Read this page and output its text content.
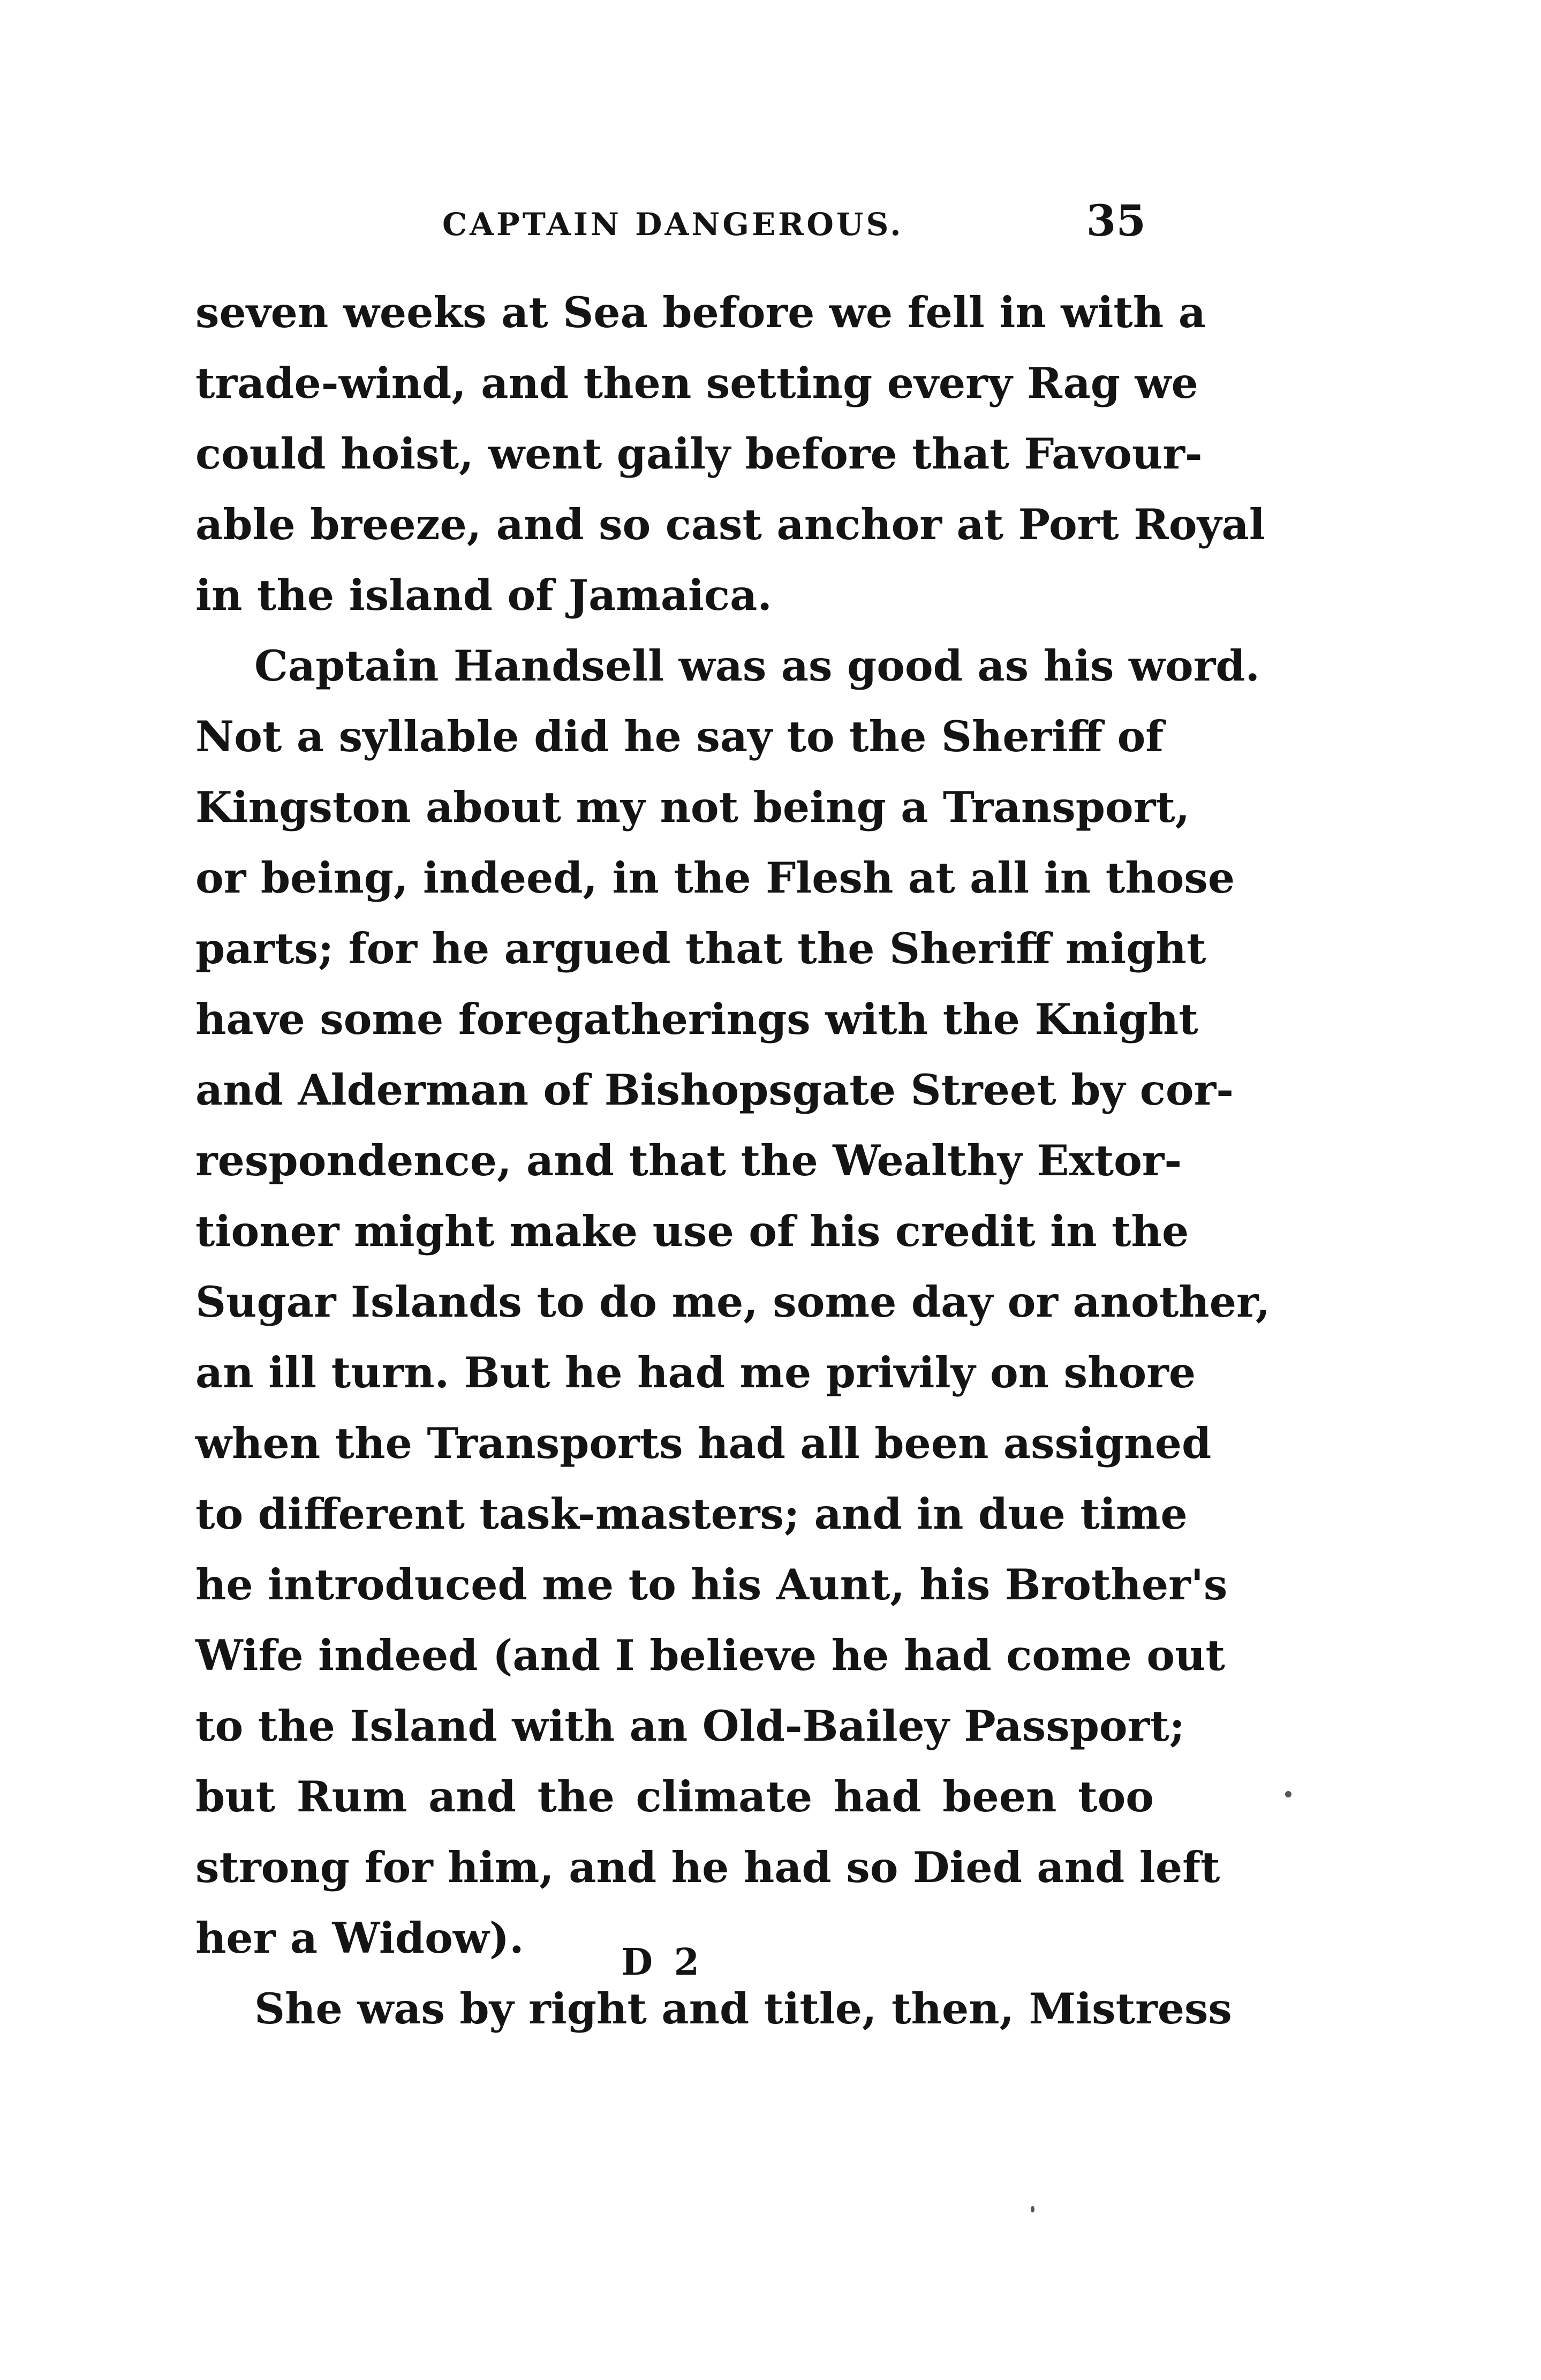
CAPTAIN DANGEROUS.	35
seven weeks at Sea before we fell in with a
trade-wind, and then setting every Rag we
could hoist, went gaily before that Favour-
able breeze, and so cast anchor at Port Royal
in the island of Jamaica.
Captain Handsell was as good as his word.
Not a syllable did he say to the Sheriff of
Kingston about my not being a Transport,
or being, indeed, in the Flesh at all in those
parts; for he argued that the Sheriff might
have some foregatherings with the Knight
and Alderman of Bishopsgate Street by cor-
respondence, and that the Wealthy Extor-
tioner might make use of his credit in the
Sugar Islands to do me, some day or another,
an ill turn. But he had me privily on shore
when the Transports had all been assigned
to different task-masters; and in due time
he introduced me to his Aunt, his Brother's
Wife indeed (and I believe he had come out
to the Island with an Old-Bailey Passport;
but Rum and the climate had been too
strong for him, and he had so Died and left
her a Widow).
She was by right and title, then, Mistress
D 2
